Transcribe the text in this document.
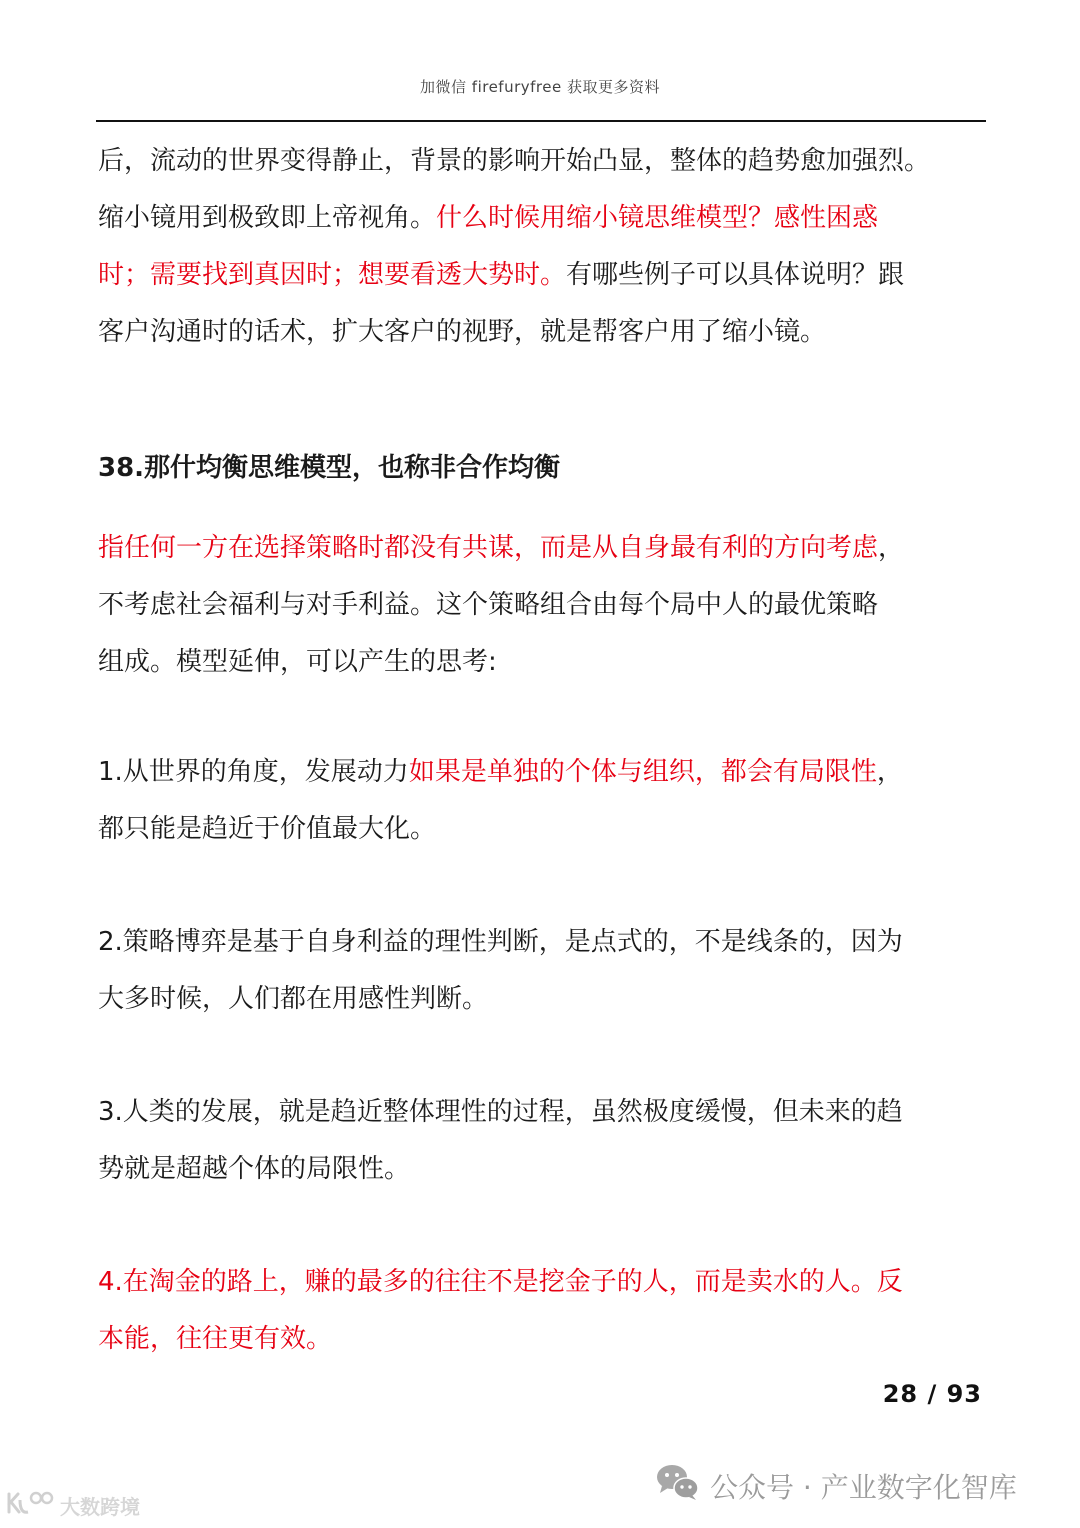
加微信 firefuryfree 获取更多资料
后，流动的世界变得静止，背景的影响开始凸显，整体的趋势愈加强烈。
缩小镜用到极致即上帝视角。什么时候用缩小镜思维模型？感性困惑
时；需要找到真因时；想要看透大势时。有哪些例子可以具体说明？跟
客户沟通时的话术，扩大客户的视野，就是帮客户用了缩小镜。
38.那什均衡思维模型，也称非合作均衡
指任何一方在选择策略时都没有共谋，而是从自身最有利的方向考虑，
不考虑社会福利与对手利益。这个策略组合由每个局中人的最优策略
组成。模型延伸，可以产生的思考:
1.从世界的角度，发展动力如果是单独的个体与组织，都会有局限性，
都只能是趋近于价值最大化。
2.策略博弈是基于自身利益的理性判断，是点式的，不是线条的，因为
大多时候，人们都在用感性判断。
3.人类的发展，就是趋近整体理性的过程，虽然极度缓慢，但未来的趋
势就是超越个体的局限性。
4.在淘金的路上，赚的最多的往往不是挖金子的人，而是卖水的人。反
本能，往往更有效。
28 / 93
公众号 · 产业数字化智库
大数跨境
